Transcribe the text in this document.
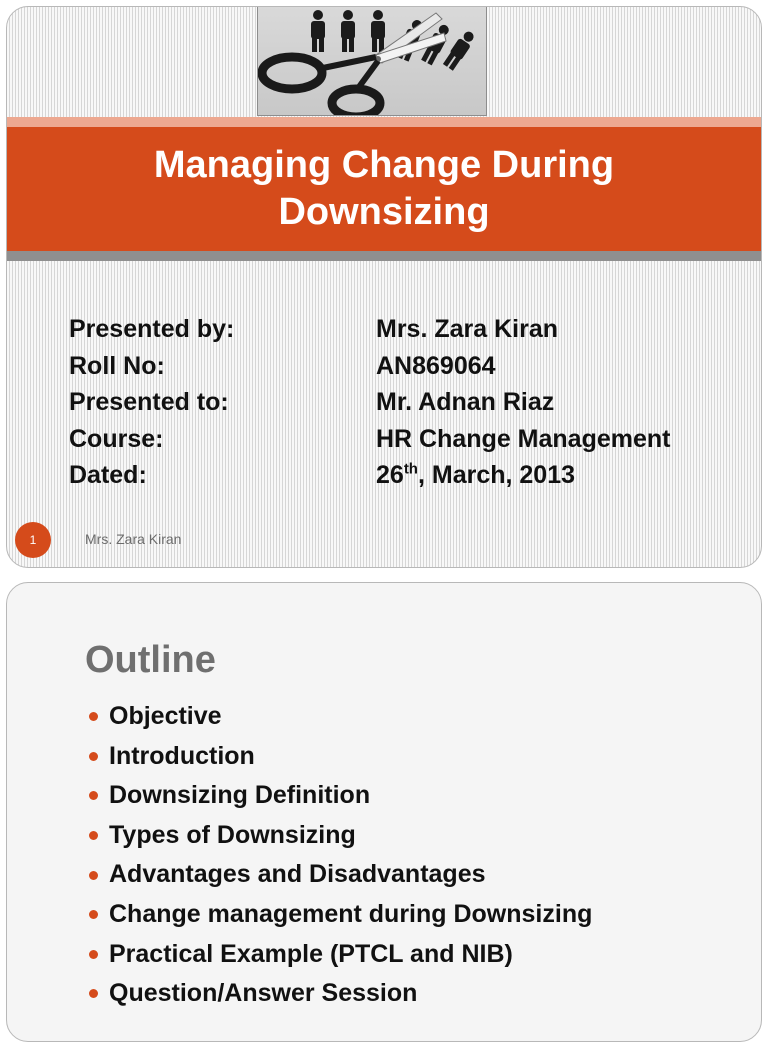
Managing Change During Downsizing
Presented by:	Mrs. Zara Kiran
Roll No:	AN869064
Presented to:	Mr. Adnan Riaz
Course:	HR Change Management
Dated:	26th, March, 2013
1	Mrs. Zara Kiran
Outline
Objective
Introduction
Downsizing Definition
Types of Downsizing
Advantages and Disadvantages
Change management during Downsizing
Practical Example (PTCL and NIB)
Question/Answer Session
